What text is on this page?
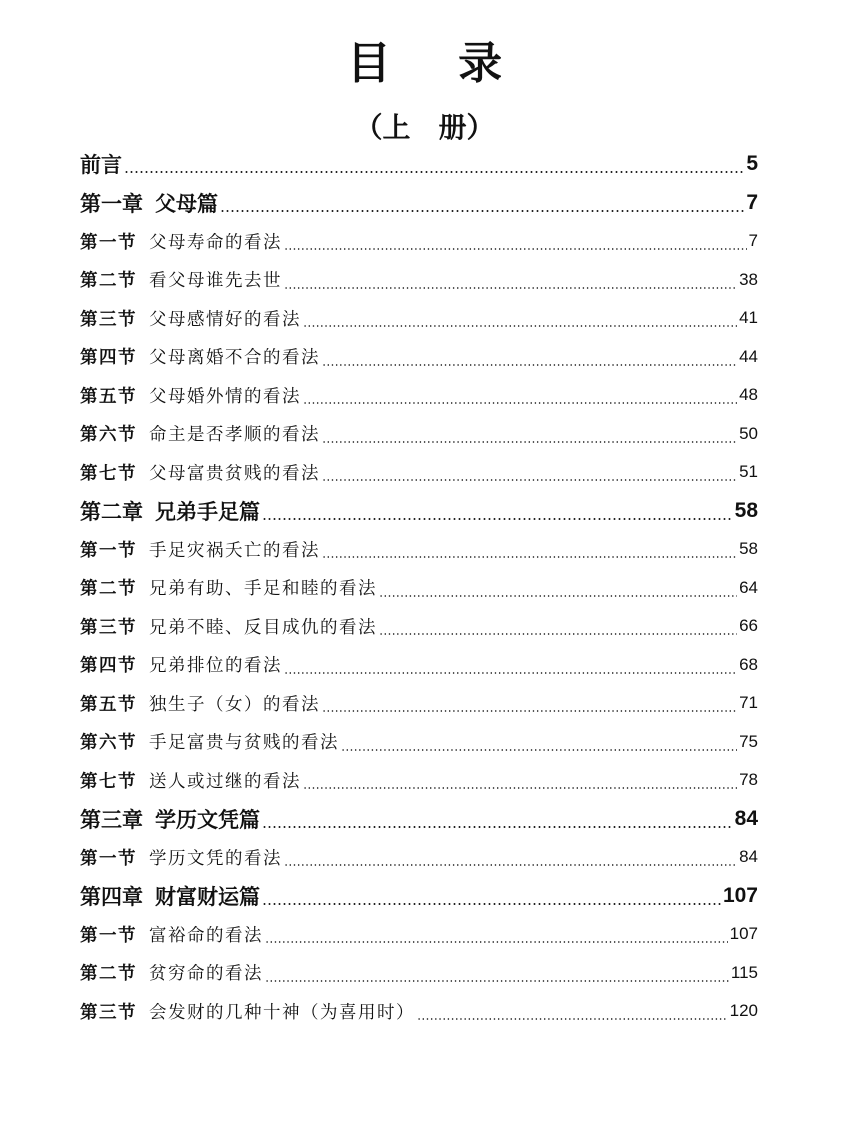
目 录
（上　册）
前言	5
第一章 父母篇	7
第一节 父母寿命的看法	7
第二节 看父母谁先去世	38
第三节 父母感情好的看法	41
第四节 父母离婚不合的看法	44
第五节 父母婚外情的看法	48
第六节 命主是否孝顺的看法	50
第七节 父母富贵贫贱的看法	51
第二章 兄弟手足篇	58
第一节 手足灾祸夭亡的看法	58
第二节 兄弟有助、手足和睦的看法	64
第三节 兄弟不睦、反目成仇的看法	66
第四节 兄弟排位的看法	68
第五节 独生子（女）的看法	71
第六节 手足富贵与贫贱的看法	75
第七节 送人或过继的看法	78
第三章 学历文凭篇	84
第一节 学历文凭的看法	84
第四章 财富财运篇	107
第一节 富裕命的看法	107
第二节 贫穷命的看法	115
第三节 会发财的几种十神（为喜用时）	120
